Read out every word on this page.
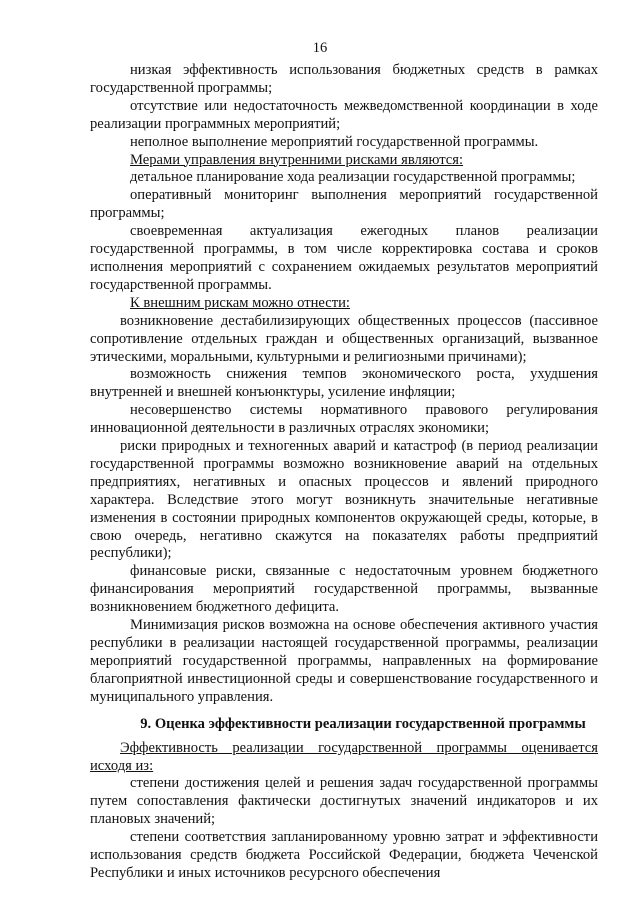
16

низкая эффективность использования бюджетных средств в рамках государственной программы;

отсутствие или недостаточность межведомственной координации в ходе реализации программных мероприятий;

неполное выполнение мероприятий государственной программы.

Мерами управления внутренними рисками являются:

детальное планирование хода реализации государственной программы;

оперативный мониторинг выполнения мероприятий государственной программы;

своевременная актуализация ежегодных планов реализации государственной программы, в том числе корректировка состава и сроков исполнения мероприятий с сохранением ожидаемых результатов мероприятий государственной программы.

К внешним рискам можно отнести:

возникновение дестабилизирующих общественных процессов (пассивное сопротивление отдельных граждан и общественных организаций, вызванное этическими, моральными, культурными и религиозными причинами);

возможность снижения темпов экономического роста, ухудшения внутренней и внешней конъюнктуры, усиление инфляции;

несовершенство системы нормативного правового регулирования инновационной деятельности в различных отраслях экономики;

риски природных и техногенных аварий и катастроф (в период реализации государственной программы возможно возникновение аварий на отдельных предприятиях, негативных и опасных процессов и явлений природного характера. Вследствие этого могут возникнуть значительные негативные изменения в состоянии природных компонентов окружающей среды, которые, в свою очередь, негативно скажутся на показателях работы предприятий республики);

финансовые риски, связанные с недостаточным уровнем бюджетного финансирования мероприятий государственной программы, вызванные возникновением бюджетного дефицита.

Минимизация рисков возможна на основе обеспечения активного участия республики в реализации настоящей государственной программы, реализации мероприятий государственной программы, направленных на формирование благоприятной инвестиционной среды и совершенствование государственного и муниципального управления.

9. Оценка эффективности реализации государственной программы

Эффективность реализации государственной программы оценивается исходя из:

степени достижения целей и решения задач государственной программы путем сопоставления фактически достигнутых значений индикаторов и их плановых значений;

степени соответствия запланированному уровню затрат и эффективности использования средств бюджета Российской Федерации, бюджета Чеченской Республики и иных источников ресурсного обеспечения
